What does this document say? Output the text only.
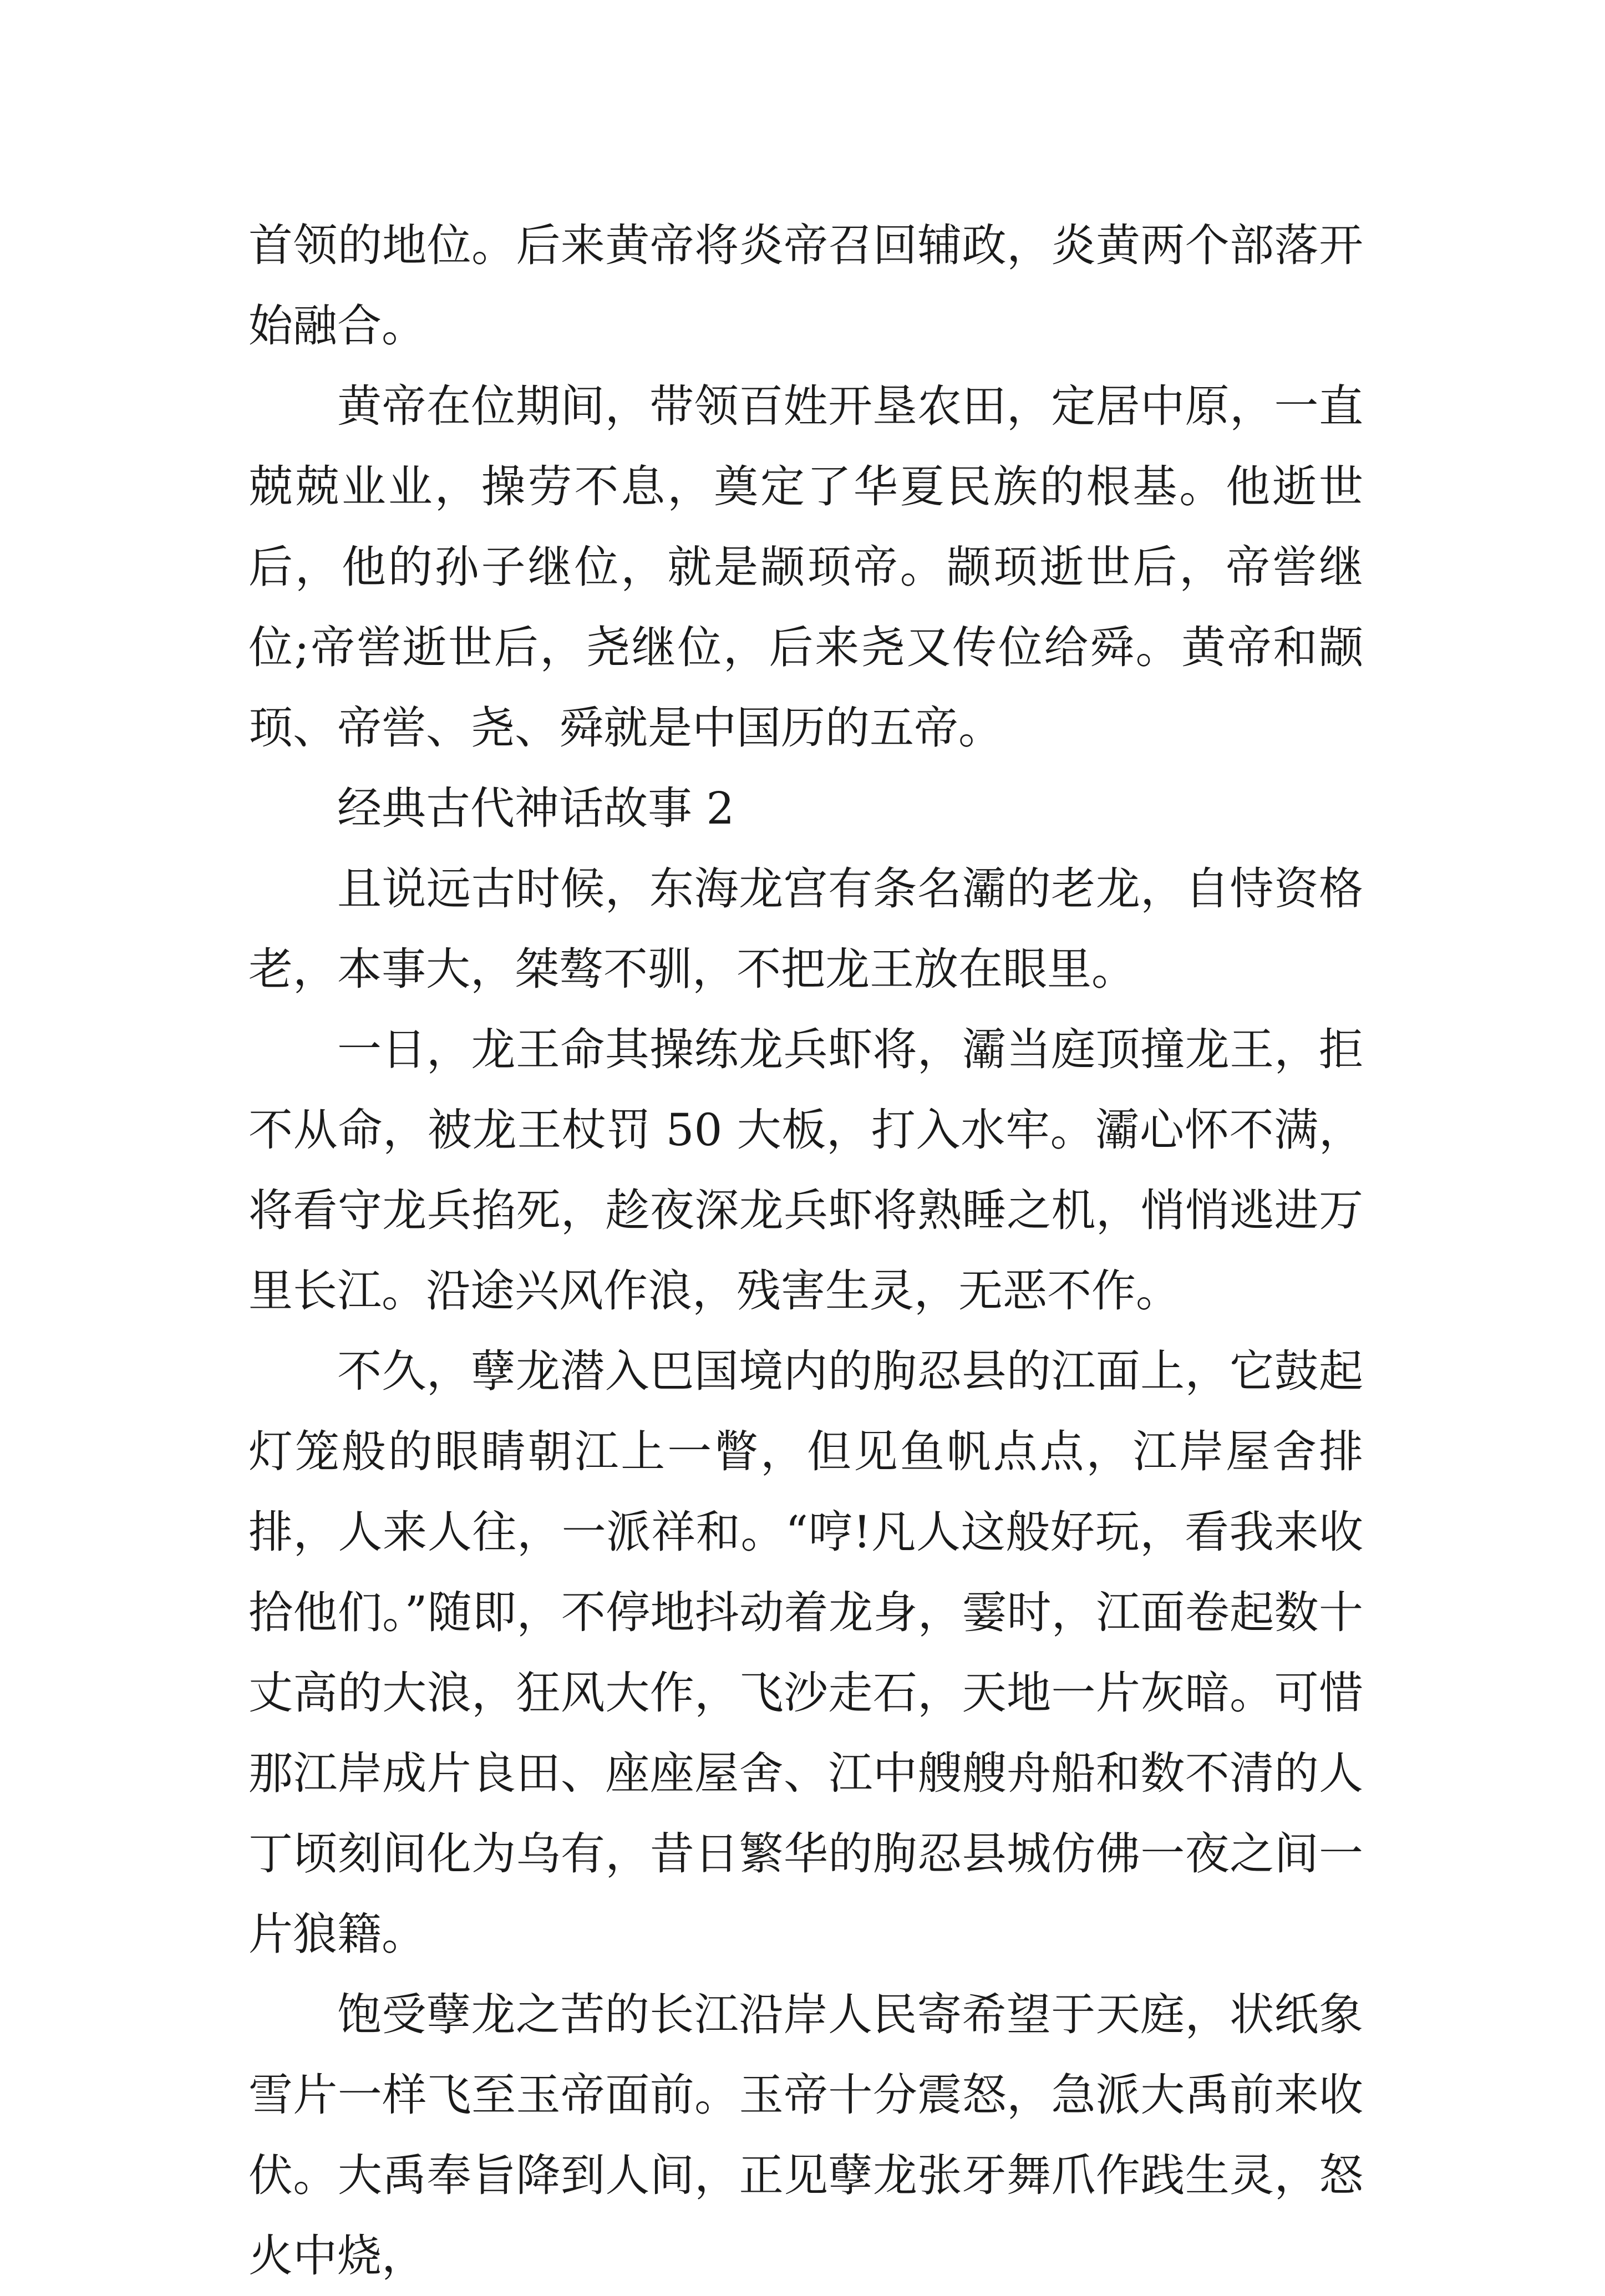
首领的地位。后来黄帝将炎帝召回辅政，炎黄两个部落开始融合。

黄帝在位期间，带领百姓开垦农田，定居中原，一直兢兢业业，操劳不息，奠定了华夏民族的根基。他逝世后，他的孙子继位，就是颛顼帝。颛顼逝世后，帝喾继位;帝喾逝世后，尧继位，后来尧又传位给舜。黄帝和颛顼、帝喾、尧、舜就是中国历的五帝。

经典古代神话故事 2

且说远古时候，东海龙宫有条名灞的老龙，自恃资格老，本事大，桀骜不驯，不把龙王放在眼里。

一日，龙王命其操练龙兵虾将，灞当庭顶撞龙王，拒不从命，被龙王杖罚 50 大板，打入水牢。灞心怀不满，将看守龙兵掐死，趁夜深龙兵虾将熟睡之机，悄悄逃进万里长江。沿途兴风作浪，残害生灵，无恶不作。

不久，孽龙潜入巴国境内的朐忍县的江面上，它鼓起灯笼般的眼睛朝江上一瞥，但见鱼帆点点，江岸屋舍排排，人来人往，一派祥和。“哼!凡人这般好玩，看我来收拾他们。”随即，不停地抖动着龙身，霎时，江面卷起数十丈高的大浪，狂风大作，飞沙走石，天地一片灰暗。可惜那江岸成片良田、座座屋舍、江中艘艘舟船和数不清的人丁顷刻间化为乌有，昔日繁华的朐忍县城仿佛一夜之间一片狼籍。

饱受孽龙之苦的长江沿岸人民寄希望于天庭，状纸象雪片一样飞至玉帝面前。玉帝十分震怒，急派大禹前来收伏。大禹奉旨降到人间，正见孽龙张牙舞爪作践生灵，怒火中烧，
